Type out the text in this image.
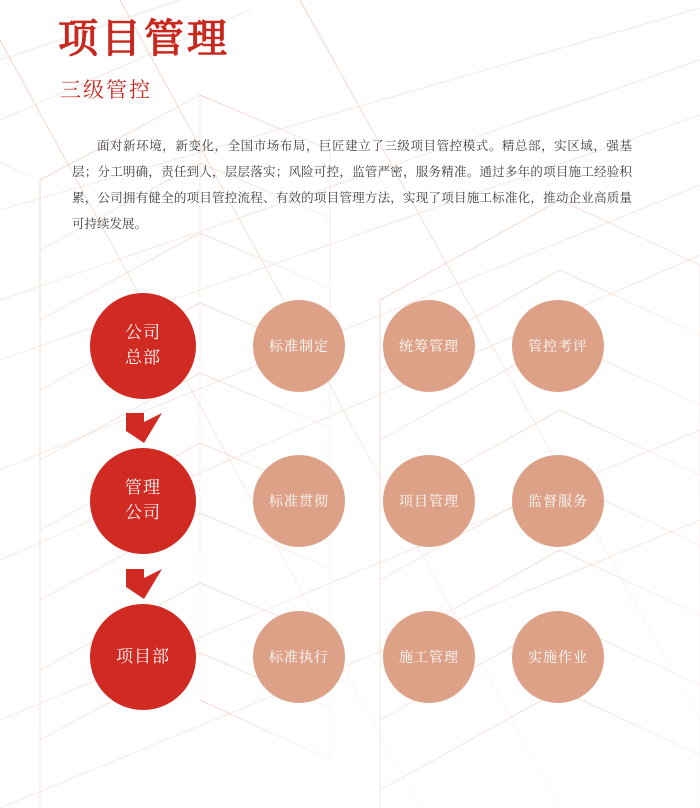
项目管理
三级管控

面对新环境，新变化，全国市场布局，巨匠建立了三级项目管控模式。精总部，实区域，强基层；分工明确，责任到人，层层落实；风险可控，监管严密，服务精准。通过多年的项目施工经验积累，公司拥有健全的项目管控流程、有效的项目管理方法，实现了项目施工标准化，推动企业高质量可持续发展。

公司
总部
标准制定	统筹管理	管控考评
管理
公司
标准贯彻	项目管理	监督服务
项目部	标准执行	施工管理	实施作业
